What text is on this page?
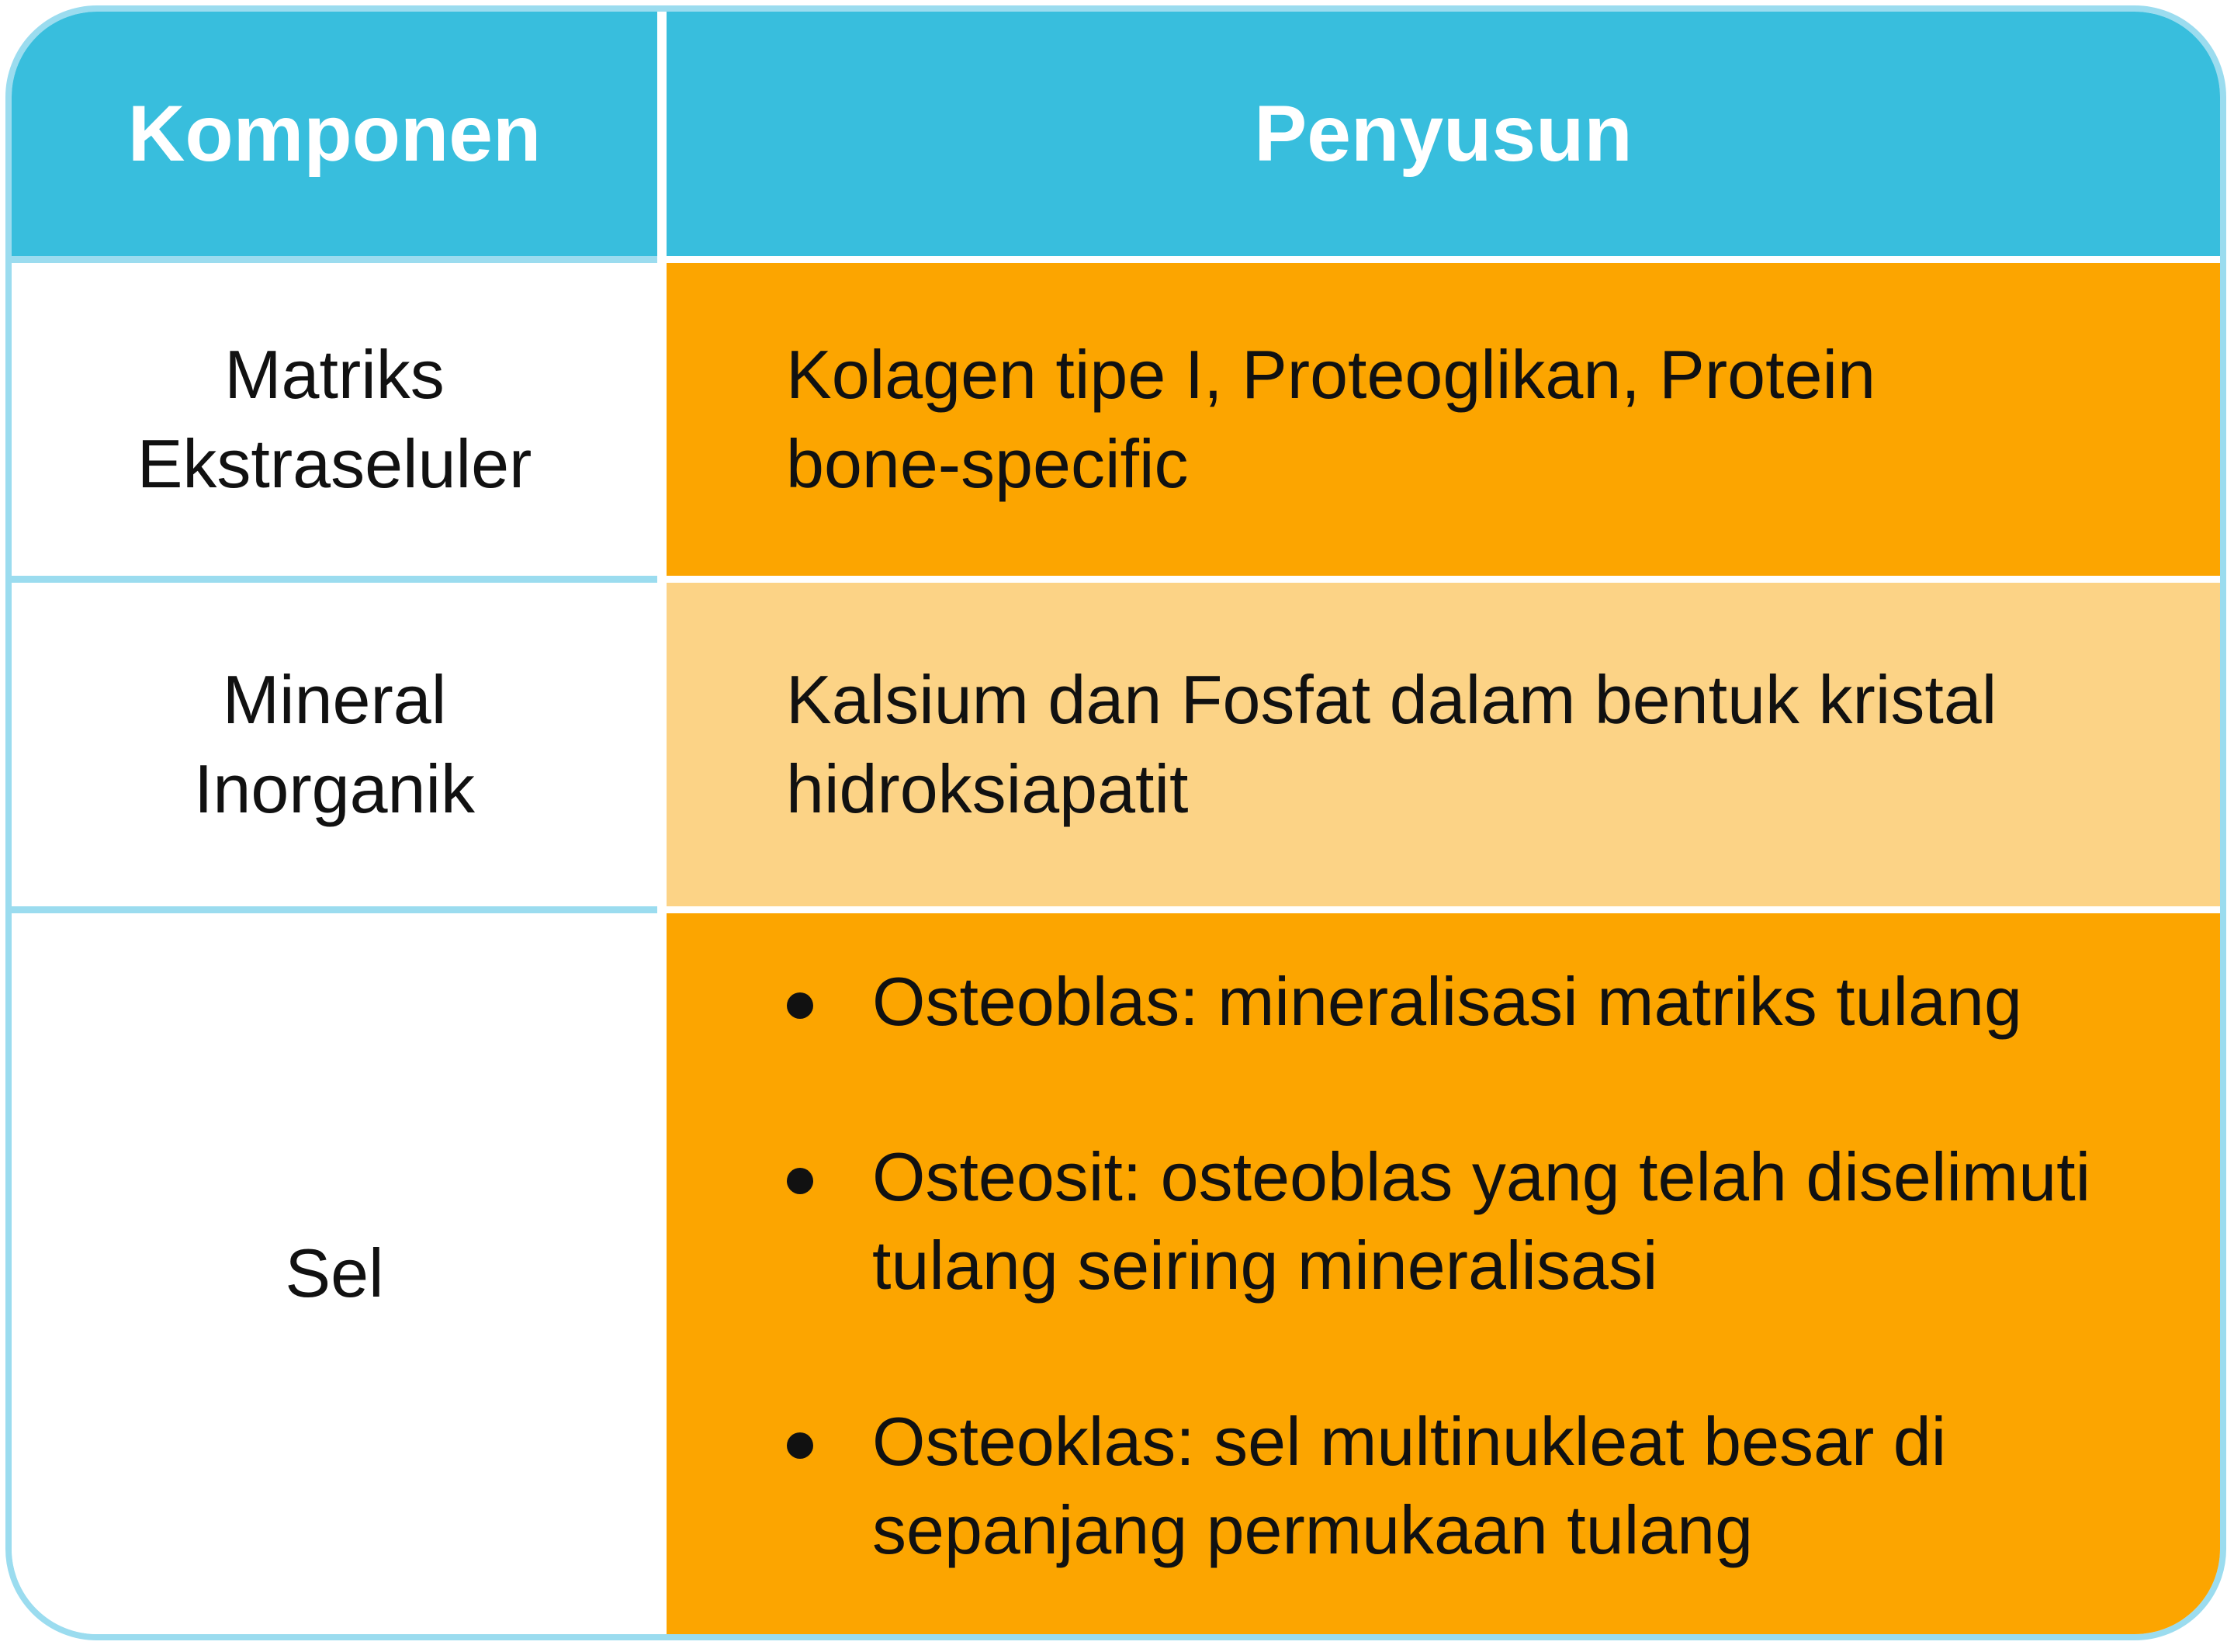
Komponen	Penyusun
Matriks
Ekstraseluler
Kolagen tipe I, Proteoglikan, Protein bone-specific
Mineral
Inorganik
Kalsium dan Fosfat dalam bentuk kristal hidroksiapatit
Sel
Osteoblas: mineralisasi matriks tulang
Osteosit: osteoblas yang telah diselimuti tulang seiring mineralisasi
Osteoklas: sel multinukleat besar di sepanjang permukaan tulang
